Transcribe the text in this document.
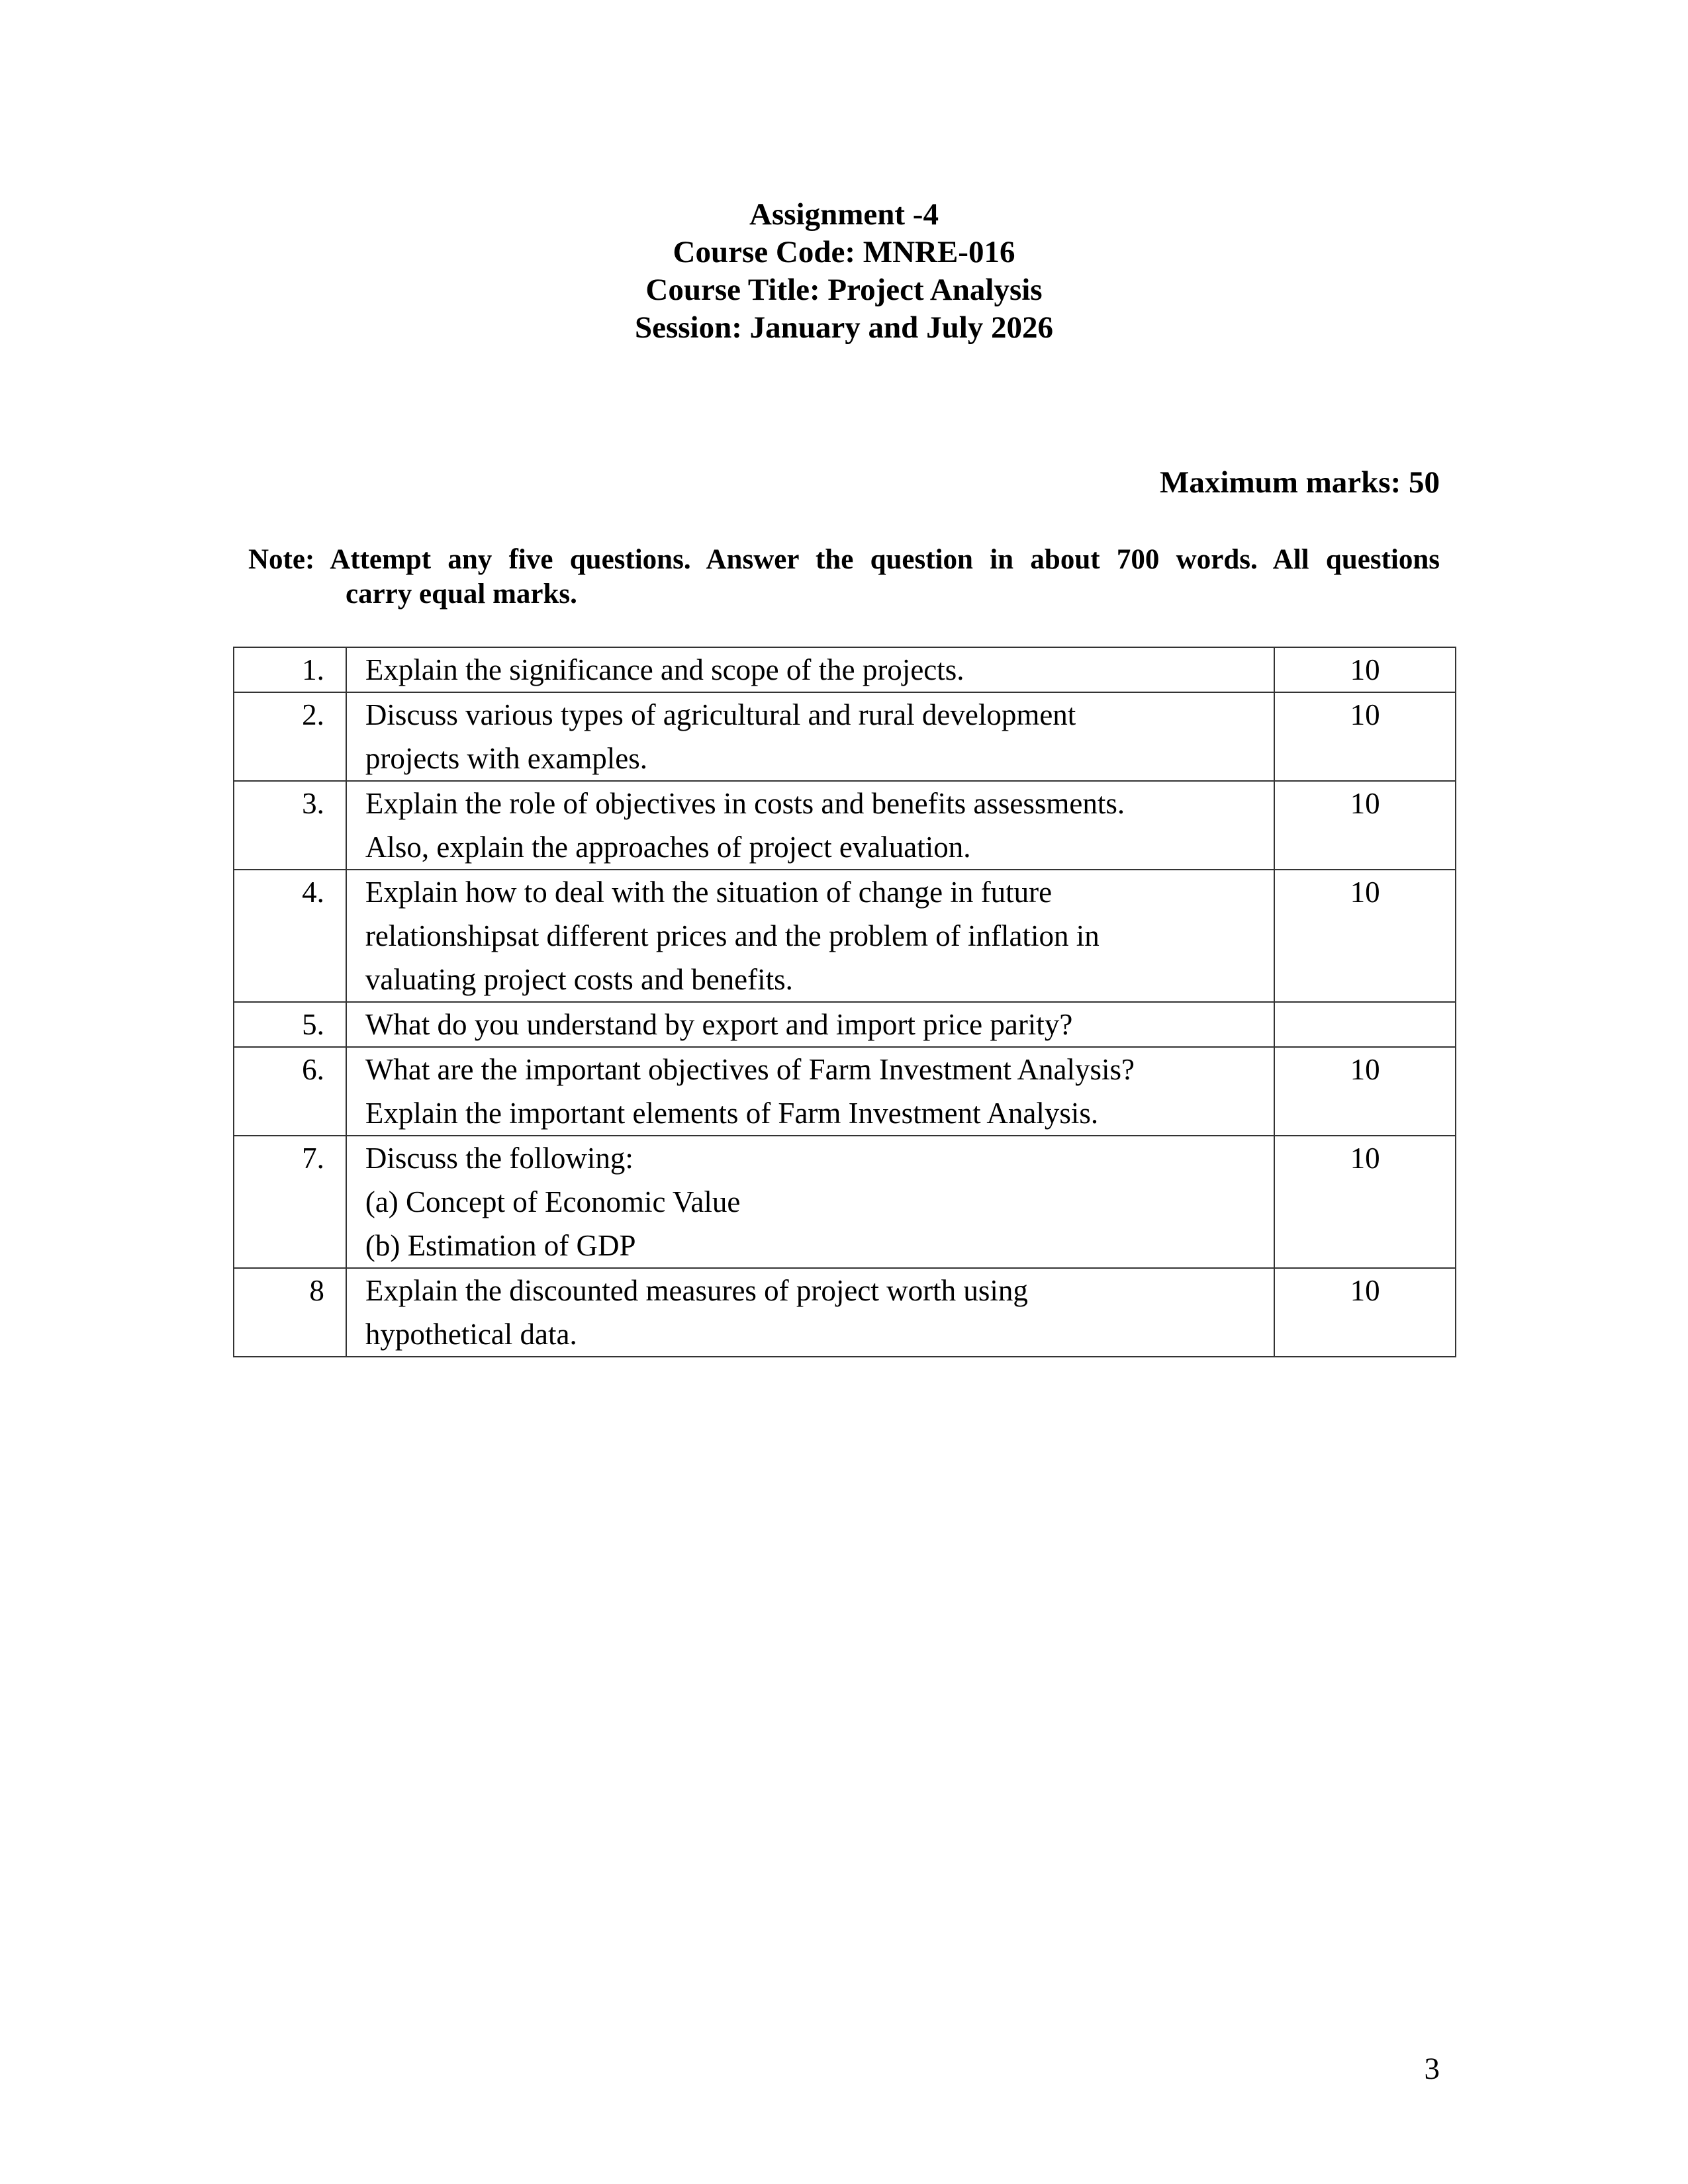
Assignment -4
Course Code: MNRE-016
Course Title: Project Analysis
Session: January and July 2026
Maximum marks: 50
Note: Attempt any five questions. Answer the question in about 700 words. All questions
carry equal marks.
1.	Explain the significance and scope of the projects.	10
2.	Discuss various types of agricultural and rural development
projects with examples.	10
3.	Explain the role of objectives in costs and benefits assessments.
Also, explain the approaches of project evaluation.	10
4.	Explain how to deal with the situation of change in future
relationshipsat different prices and the problem of inflation in
valuating project costs and benefits.	10
5.	What do you understand by export and import price parity?	

6.	What are the important objectives of Farm Investment Analysis?
Explain the important elements of Farm Investment Analysis.	10
7.	Discuss the following:
(a) Concept of Economic Value
(b) Estimation of GDP	10
8	Explain the discounted measures of project worth using
hypothetical data.	10
3
